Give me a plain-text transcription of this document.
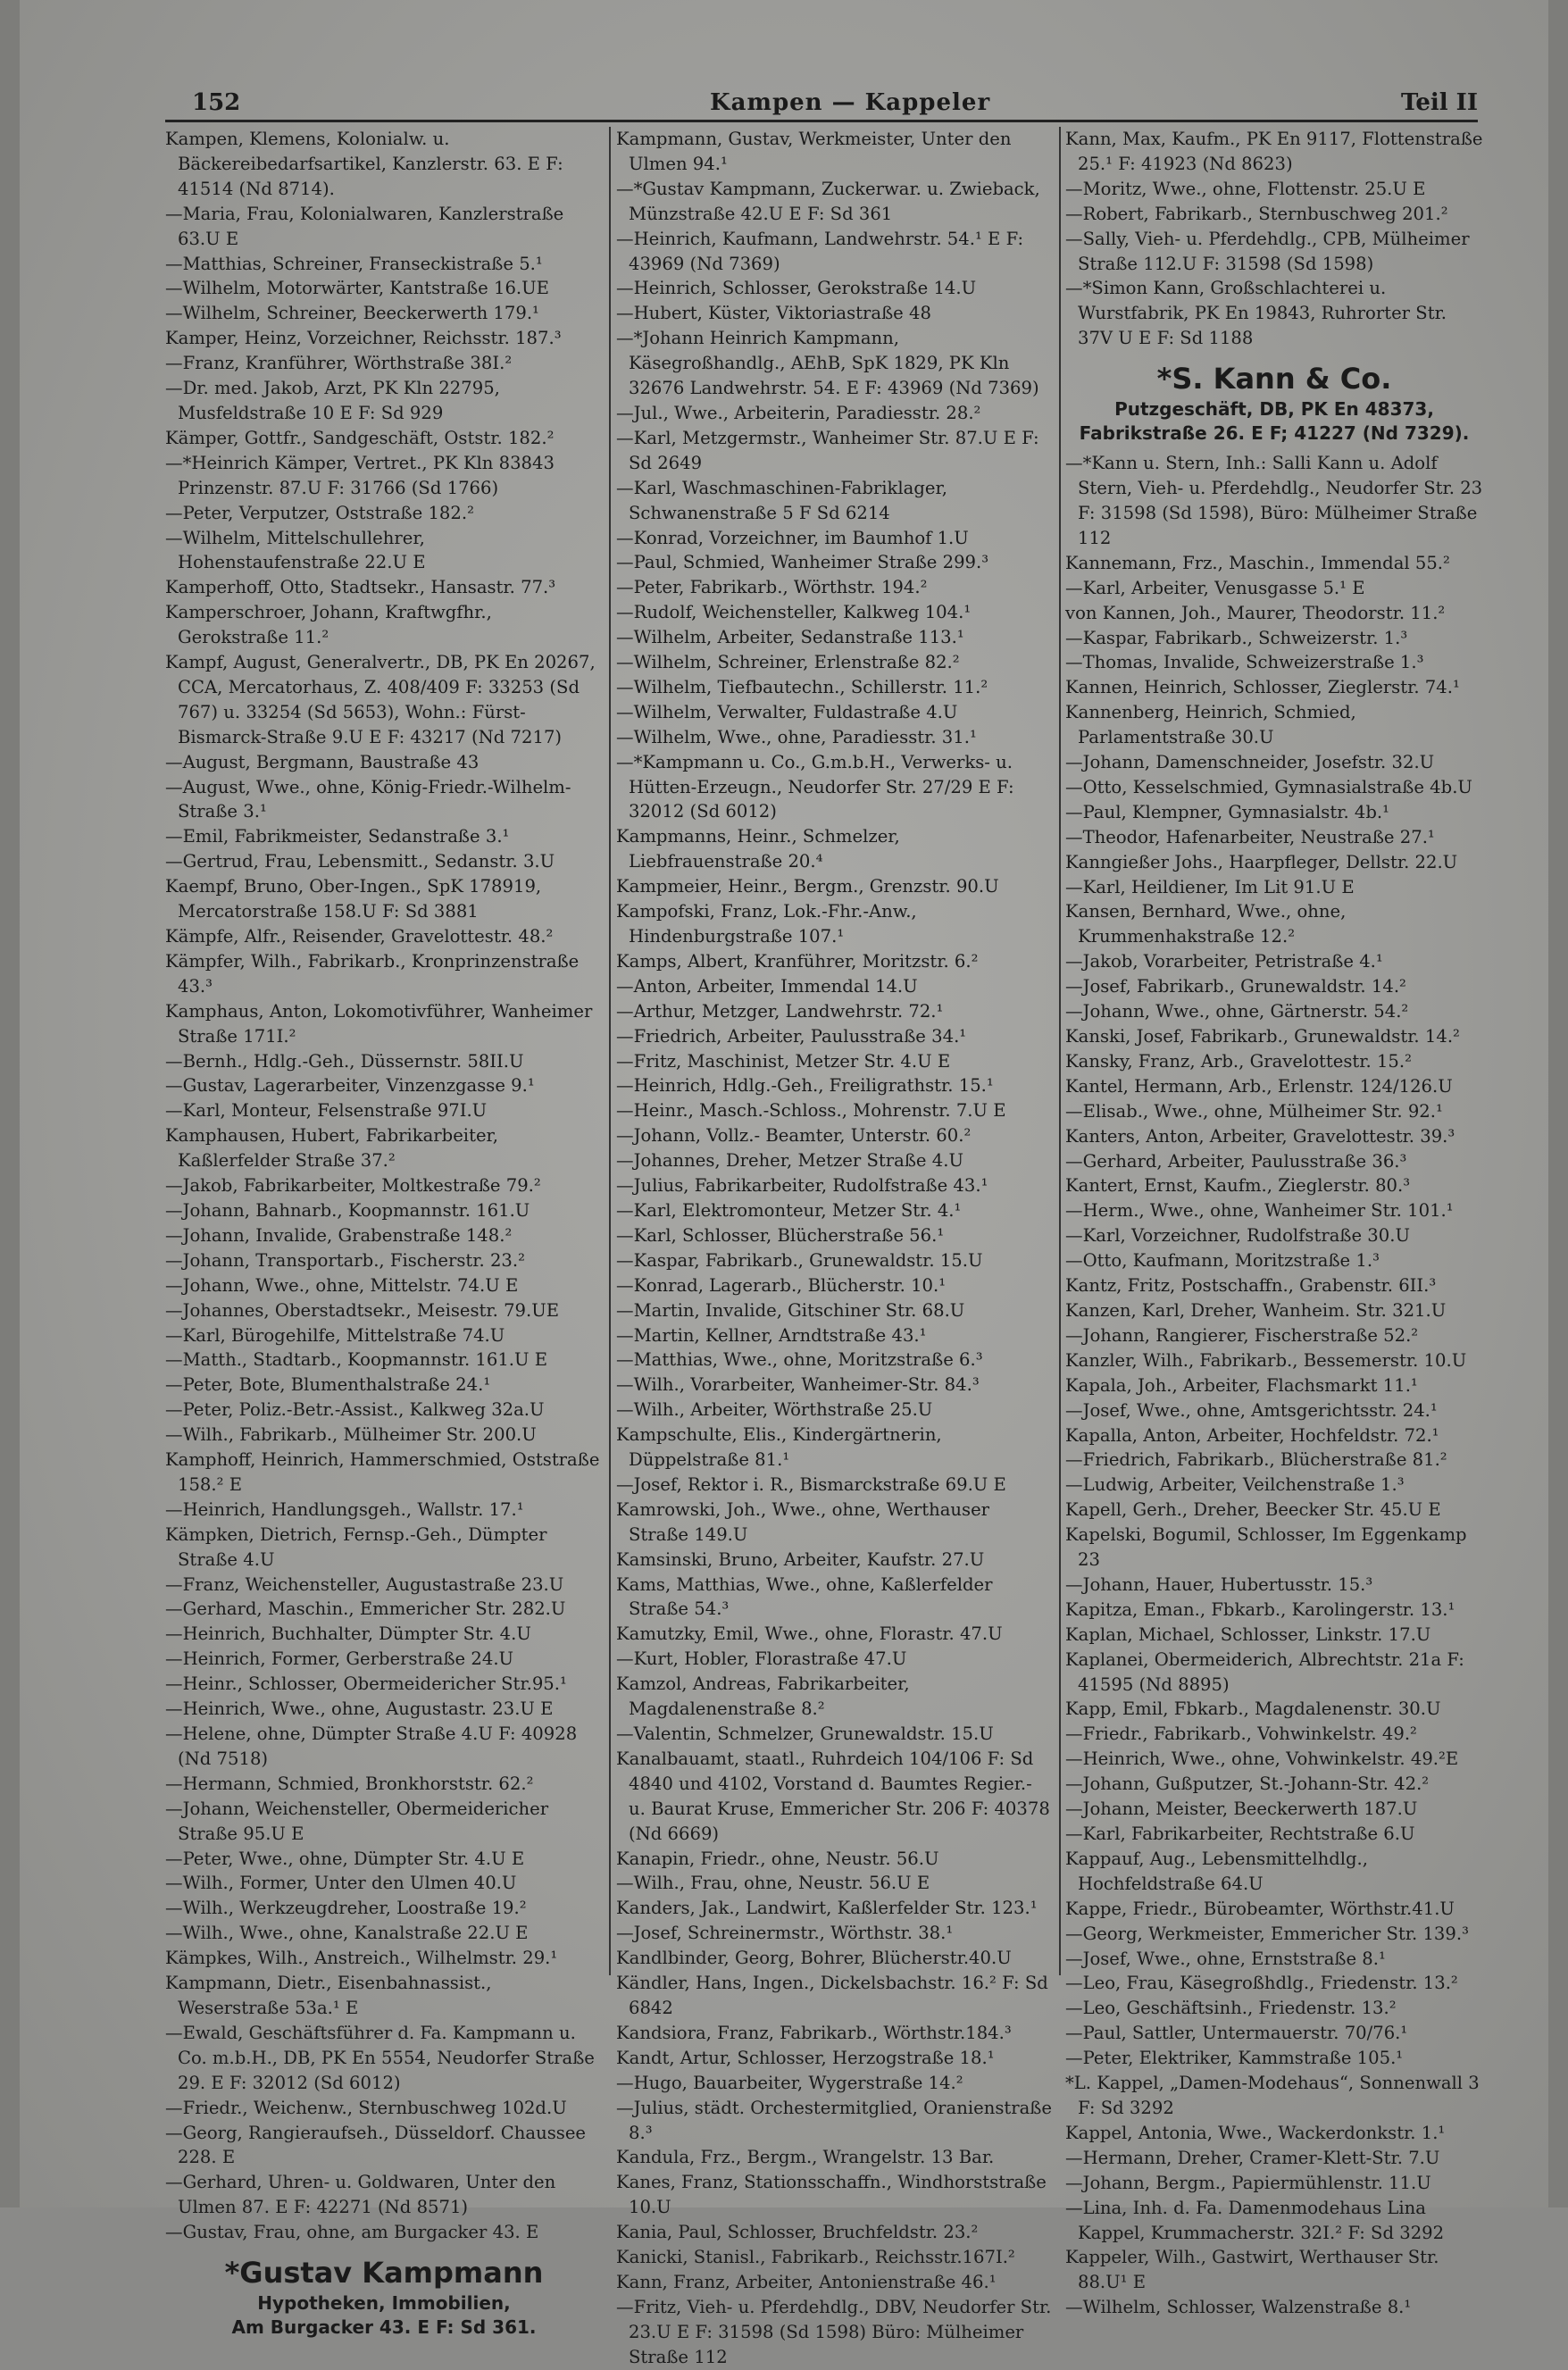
152	Kampen — Kappeler	Teil II

Kampen, Klemens, Kolonialw. u. Bäckereibedarfsartikel, Kanzlerstr. 63. E F: 41514 (Nd 8714).

—Maria, Frau, Kolonialwaren, Kanzlerstraße 63.U E

—Matthias, Schreiner, Franseckistraße 5.¹

—Wilhelm, Motorwärter, Kantstraße 16.UE

—Wilhelm, Schreiner, Beeckerwerth 179.¹

Kamper, Heinz, Vorzeichner, Reichsstr. 187.³

—Franz, Kranführer, Wörthstraße 38I.²

—Dr. med. Jakob, Arzt, PK Kln 22795, Musfeldstraße 10 E F: Sd 929

Kämper, Gottfr., Sandgeschäft, Oststr. 182.²

—*Heinrich Kämper, Vertret., PK Kln 83843 Prinzenstr. 87.U F: 31766 (Sd 1766)

—Peter, Verputzer, Oststraße 182.²

—Wilhelm, Mittelschullehrer, Hohenstaufenstraße 22.U E

Kamperhoff, Otto, Stadtsekr., Hansastr. 77.³

Kamperschroer, Johann, Kraftwgfhr., Gerokstraße 11.²

Kampf, August, Generalvertr., DB, PK En 20267, CCA, Mercatorhaus, Z. 408/409 F: 33253 (Sd 767) u. 33254 (Sd 5653), Wohn.: Fürst-Bismarck-Straße 9.U E F: 43217 (Nd 7217)

—August, Bergmann, Baustraße 43

—August, Wwe., ohne, König-Friedr.-Wilhelm-Straße 3.¹

—Emil, Fabrikmeister, Sedanstraße 3.¹

—Gertrud, Frau, Lebensmitt., Sedanstr. 3.U

Kaempf, Bruno, Ober-Ingen., SpK 178919, Mercatorstraße 158.U F: Sd 3881

Kämpfe, Alfr., Reisender, Gravelottestr. 48.²

Kämpfer, Wilh., Fabrikarb., Kronprinzenstraße 43.³

Kamphaus, Anton, Lokomotivführer, Wanheimer Straße 171I.²

—Bernh., Hdlg.-Geh., Düssernstr. 58II.U

—Gustav, Lagerarbeiter, Vinzenzgasse 9.¹

—Karl, Monteur, Felsenstraße 97I.U

Kamphausen, Hubert, Fabrikarbeiter, Kaßlerfelder Straße 37.²

—Jakob, Fabrikarbeiter, Moltkestraße 79.²

—Johann, Bahnarb., Koopmannstr. 161.U

—Johann, Invalide, Grabenstraße 148.²

—Johann, Transportarb., Fischerstr. 23.²

—Johann, Wwe., ohne, Mittelstr. 74.U E

—Johannes, Oberstadtsekr., Meisestr. 79.UE

—Karl, Bürogehilfe, Mittelstraße 74.U

—Matth., Stadtarb., Koopmannstr. 161.U E

—Peter, Bote, Blumenthalstraße 24.¹

—Peter, Poliz.-Betr.-Assist., Kalkweg 32a.U

—Wilh., Fabrikarb., Mülheimer Str. 200.U

Kamphoff, Heinrich, Hammerschmied, Oststraße 158.² E

—Heinrich, Handlungsgeh., Wallstr. 17.¹

Kämpken, Dietrich, Fernsp.-Geh., Dümpter Straße 4.U

—Franz, Weichensteller, Augustastraße 23.U

—Gerhard, Maschin., Emmericher Str. 282.U

—Heinrich, Buchhalter, Dümpter Str. 4.U

—Heinrich, Former, Gerberstraße 24.U

—Heinr., Schlosser, Obermeidericher Str.95.¹

—Heinrich, Wwe., ohne, Augustastr. 23.U E

—Helene, ohne, Dümpter Straße 4.U F: 40928 (Nd 7518)

—Hermann, Schmied, Bronkhorststr. 62.²

—Johann, Weichensteller, Obermeidericher Straße 95.U E

—Peter, Wwe., ohne, Dümpter Str. 4.U E

—Wilh., Former, Unter den Ulmen 40.U

—Wilh., Werkzeugdreher, Loostraße 19.²

—Wilh., Wwe., ohne, Kanalstraße 22.U E

Kämpkes, Wilh., Anstreich., Wilhelmstr. 29.¹

Kampmann, Dietr., Eisenbahnassist., Weserstraße 53a.¹ E

—Ewald, Geschäftsführer d. Fa. Kampmann u. Co. m.b.H., DB, PK En 5554, Neudorfer Straße 29. E F: 32012 (Sd 6012)

—Friedr., Weichenw., Sternbuschweg 102d.U

—Georg, Rangieraufseh., Düsseldorf. Chaussee 228. E

—Gerhard, Uhren- u. Goldwaren, Unter den Ulmen 87. E F: 42271 (Nd 8571)

—Gustav, Frau, ohne, am Burgacker 43. E

*Gustav Kampmann
Hypotheken, Immobilien,
Am Burgacker 43. E F: Sd 361.

Kampmann, Gustav, Werkmeister, Unter den Ulmen 94.¹

—*Gustav Kampmann, Zuckerwar. u. Zwieback, Münzstraße 42.U E F: Sd 361

—Heinrich, Kaufmann, Landwehrstr. 54.¹ E F: 43969 (Nd 7369)

—Heinrich, Schlosser, Gerokstraße 14.U

—Hubert, Küster, Viktoriastraße 48

—*Johann Heinrich Kampmann, Käsegroßhandlg., AEhB, SpK 1829, PK Kln 32676 Landwehrstr. 54. E F: 43969 (Nd 7369)

—Jul., Wwe., Arbeiterin, Paradiesstr. 28.²

—Karl, Metzgermstr., Wanheimer Str. 87.U E F: Sd 2649

—Karl, Waschmaschinen-Fabriklager, Schwanenstraße 5 F Sd 6214

—Konrad, Vorzeichner, im Baumhof 1.U

—Paul, Schmied, Wanheimer Straße 299.³

—Peter, Fabrikarb., Wörthstr. 194.²

—Rudolf, Weichensteller, Kalkweg 104.¹

—Wilhelm, Arbeiter, Sedanstraße 113.¹

—Wilhelm, Schreiner, Erlenstraße 82.²

—Wilhelm, Tiefbautechn., Schillerstr. 11.²

—Wilhelm, Verwalter, Fuldastraße 4.U

—Wilhelm, Wwe., ohne, Paradiesstr. 31.¹

—*Kampmann u. Co., G.m.b.H., Verwerks- u. Hütten-Erzeugn., Neudorfer Str. 27/29 E F: 32012 (Sd 6012)

Kampmanns, Heinr., Schmelzer, Liebfrauenstraße 20.⁴

Kampmeier, Heinr., Bergm., Grenzstr. 90.U

Kampofski, Franz, Lok.-Fhr.-Anw., Hindenburgstraße 107.¹

Kamps, Albert, Kranführer, Moritzstr. 6.²

—Anton, Arbeiter, Immendal 14.U

—Arthur, Metzger, Landwehrstr. 72.¹

—Friedrich, Arbeiter, Paulusstraße 34.¹

—Fritz, Maschinist, Metzer Str. 4.U E

—Heinrich, Hdlg.-Geh., Freiligrathstr. 15.¹

—Heinr., Masch.-Schloss., Mohrenstr. 7.U E

—Johann, Vollz.- Beamter, Unterstr. 60.²

—Johannes, Dreher, Metzer Straße 4.U

—Julius, Fabrikarbeiter, Rudolfstraße 43.¹

—Karl, Elektromonteur, Metzer Str. 4.¹

—Karl, Schlosser, Blücherstraße 56.¹

—Kaspar, Fabrikarb., Grunewaldstr. 15.U

—Konrad, Lagerarb., Blücherstr. 10.¹

—Martin, Invalide, Gitschiner Str. 68.U

—Martin, Kellner, Arndtstraße 43.¹

—Matthias, Wwe., ohne, Moritzstraße 6.³

—Wilh., Vorarbeiter, Wanheimer-Str. 84.³

—Wilh., Arbeiter, Wörthstraße 25.U

Kampschulte, Elis., Kindergärtnerin, Düppelstraße 81.¹

—Josef, Rektor i. R., Bismarckstraße 69.U E

Kamrowski, Joh., Wwe., ohne, Werthauser Straße 149.U

Kamsinski, Bruno, Arbeiter, Kaufstr. 27.U

Kams, Matthias, Wwe., ohne, Kaßlerfelder Straße 54.³

Kamutzky, Emil, Wwe., ohne, Florastr. 47.U

—Kurt, Hobler, Florastraße 47.U

Kamzol, Andreas, Fabrikarbeiter, Magdalenenstraße 8.²

—Valentin, Schmelzer, Grunewaldstr. 15.U

Kanalbauamt, staatl., Ruhrdeich 104/106 F: Sd 4840 und 4102, Vorstand d. Baumtes Regier.- u. Baurat Kruse, Emmericher Str. 206 F: 40378 (Nd 6669)

Kanapin, Friedr., ohne, Neustr. 56.U

—Wilh., Frau, ohne, Neustr. 56.U E

Kanders, Jak., Landwirt, Kaßlerfelder Str. 123.¹

—Josef, Schreinermstr., Wörthstr. 38.¹

Kandlbinder, Georg, Bohrer, Blücherstr.40.U

Kändler, Hans, Ingen., Dickelsbachstr. 16.² F: Sd 6842

Kandsiora, Franz, Fabrikarb., Wörthstr.184.³

Kandt, Artur, Schlosser, Herzogstraße 18.¹

—Hugo, Bauarbeiter, Wygerstraße 14.²

—Julius, städt. Orchestermitglied, Oranienstraße 8.³

Kandula, Frz., Bergm., Wrangelstr. 13 Bar.

Kanes, Franz, Stationsschaffn., Windhorststraße 10.U

Kania, Paul, Schlosser, Bruchfeldstr. 23.²

Kanicki, Stanisl., Fabrikarb., Reichsstr.167I.²

Kann, Franz, Arbeiter, Antonienstraße 46.¹

—Fritz, Vieh- u. Pferdehdlg., DBV, Neudorfer Str. 23.U E F: 31598 (Sd 1598) Büro: Mülheimer Straße 112

Kann, Max, Kaufm., PK En 9117, Flottenstraße 25.¹ F: 41923 (Nd 8623)

—Moritz, Wwe., ohne, Flottenstr. 25.U E

—Robert, Fabrikarb., Sternbuschweg 201.²

—Sally, Vieh- u. Pferdehdlg., CPB, Mülheimer Straße 112.U F: 31598 (Sd 1598)

—*Simon Kann, Großschlachterei u. Wurstfabrik, PK En 19843, Ruhrorter Str. 37V U E F: Sd 1188

*S. Kann & Co.
Putzgeschäft, DB, PK En 48373,
Fabrikstraße 26. E F; 41227 (Nd 7329).

—*Kann u. Stern, Inh.: Salli Kann u. Adolf Stern, Vieh- u. Pferdehdlg., Neudorfer Str. 23 F: 31598 (Sd 1598), Büro: Mülheimer Straße 112

Kannemann, Frz., Maschin., Immendal 55.²

—Karl, Arbeiter, Venusgasse 5.¹ E

von Kannen, Joh., Maurer, Theodorstr. 11.²

—Kaspar, Fabrikarb., Schweizerstr. 1.³

—Thomas, Invalide, Schweizerstraße 1.³

Kannen, Heinrich, Schlosser, Zieglerstr. 74.¹

Kannenberg, Heinrich, Schmied, Parlamentstraße 30.U

—Johann, Damenschneider, Josefstr. 32.U

—Otto, Kesselschmied, Gymnasialstraße 4b.U

—Paul, Klempner, Gymnasialstr. 4b.¹

—Theodor, Hafenarbeiter, Neustraße 27.¹

Kanngießer Johs., Haarpfleger, Dellstr. 22.U

—Karl, Heildiener, Im Lit 91.U E

Kansen, Bernhard, Wwe., ohne, Krummenhakstraße 12.²

—Jakob, Vorarbeiter, Petristraße 4.¹

—Josef, Fabrikarb., Grunewaldstr. 14.²

—Johann, Wwe., ohne, Gärtnerstr. 54.²

Kanski, Josef, Fabrikarb., Grunewaldstr. 14.²

Kansky, Franz, Arb., Gravelottestr. 15.²

Kantel, Hermann, Arb., Erlenstr. 124/126.U

—Elisab., Wwe., ohne, Mülheimer Str. 92.¹

Kanters, Anton, Arbeiter, Gravelottestr. 39.³

—Gerhard, Arbeiter, Paulusstraße 36.³

Kantert, Ernst, Kaufm., Zieglerstr. 80.³

—Herm., Wwe., ohne, Wanheimer Str. 101.¹

—Karl, Vorzeichner, Rudolfstraße 30.U

—Otto, Kaufmann, Moritzstraße 1.³

Kantz, Fritz, Postschaffn., Grabenstr. 6II.³

Kanzen, Karl, Dreher, Wanheim. Str. 321.U

—Johann, Rangierer, Fischerstraße 52.²

Kanzler, Wilh., Fabrikarb., Bessemerstr. 10.U

Kapala, Joh., Arbeiter, Flachsmarkt 11.¹

—Josef, Wwe., ohne, Amtsgerichtsstr. 24.¹

Kapalla, Anton, Arbeiter, Hochfeldstr. 72.¹

—Friedrich, Fabrikarb., Blücherstraße 81.²

—Ludwig, Arbeiter, Veilchenstraße 1.³

Kapell, Gerh., Dreher, Beecker Str. 45.U E

Kapelski, Bogumil, Schlosser, Im Eggenkamp 23

—Johann, Hauer, Hubertusstr. 15.³

Kapitza, Eman., Fbkarb., Karolingerstr. 13.¹

Kaplan, Michael, Schlosser, Linkstr. 17.U

Kaplanei, Obermeiderich, Albrechtstr. 21a F: 41595 (Nd 8895)

Kapp, Emil, Fbkarb., Magdalenenstr. 30.U

—Friedr., Fabrikarb., Vohwinkelstr. 49.²

—Heinrich, Wwe., ohne, Vohwinkelstr. 49.²E

—Johann, Gußputzer, St.-Johann-Str. 42.²

—Johann, Meister, Beeckerwerth 187.U

—Karl, Fabrikarbeiter, Rechtstraße 6.U

Kappauf, Aug., Lebensmittelhdlg., Hochfeldstraße 64.U

Kappe, Friedr., Bürobeamter, Wörthstr.41.U

—Georg, Werkmeister, Emmericher Str. 139.³

—Josef, Wwe., ohne, Ernststraße 8.¹

—Leo, Frau, Käsegroßhdlg., Friedenstr. 13.²

—Leo, Geschäftsinh., Friedenstr. 13.²

—Paul, Sattler, Untermauerstr. 70/76.¹

—Peter, Elektriker, Kammstraße 105.¹

*L. Kappel, „Damen-Modehaus“, Sonnenwall 3 F: Sd 3292

Kappel, Antonia, Wwe., Wackerdonkstr. 1.¹

—Hermann, Dreher, Cramer-Klett-Str. 7.U

—Johann, Bergm., Papiermühlenstr. 11.U

—Lina, Inh. d. Fa. Damenmodehaus Lina Kappel, Krummacherstr. 32I.² F: Sd 3292

Kappeler, Wilh., Gastwirt, Werthauser Str. 88.U¹ E

—Wilhelm, Schlosser, Walzenstraße 8.¹
